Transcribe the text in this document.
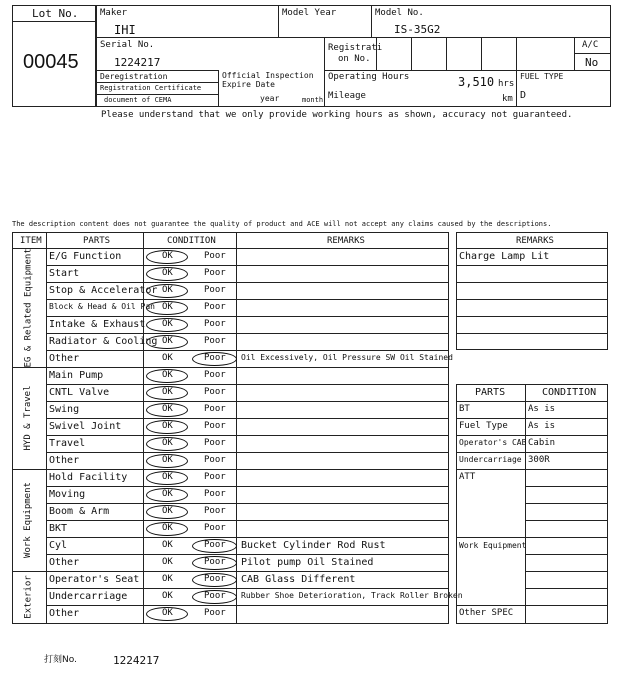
Lot No.
00045
Maker
IHI
Model Year	Model No.
IS-35G2
Serial No.
1224217
Registrati
on No.
A/C
No
Deregistration
Registration Certificate
document of CEMA
Official Inspection
Expire Date
year	month
Operating Hours	3,510 hrs
Mileage	km
FUEL TYPE
D
Please understand that we only provide working hours as shown, accuracy not guaranteed.
The description content does not guarantee the quality of product and ACE will not accept any claims caused by the descriptions.
ITEM	PARTS	CONDITION	REMARKS
E/G Function	OK	Poor
Start	OK	Poor
Stop & Accelerator OK	Poor
Block & Head & Oil Pan OK	Poor
Intake & Exhaust OK	Poor
Radiator & Cooling OK	Poor
Other	OK	Poor Oil Excessively, Oil Pressure SW Oil Stained
EG & Related Equipment
Main Pump	OK	Poor
CNTL Valve	OK	Poor
Swing	OK	Poor
Swivel Joint	OK	Poor
Travel	OK	Poor
Other	OK	Poor
HYD & Travel
Hold Facility	OK	Poor
Moving	OK	Poor
Boom & Arm	OK	Poor
BKT	OK	Poor
Cyl	OK	Poor Bucket Cylinder Rod Rust
Other	OK	Poor Pilot pump Oil Stained
Work Equipment
Operator's Seat	OK	Poor CAB Glass Different
Undercarriage	OK	Poor Rubber Shoe Deterioration, Track Roller Broken
Other	OK	Poor
Exterior
REMARKS
Charge Lamp Lit
PARTS	CONDITION
BT	As is
Fuel Type As is
Operator's CAB Cabin
Undercarriage 300R
ATT
Work Equipment
Other SPEC
打刻No.	1224217
